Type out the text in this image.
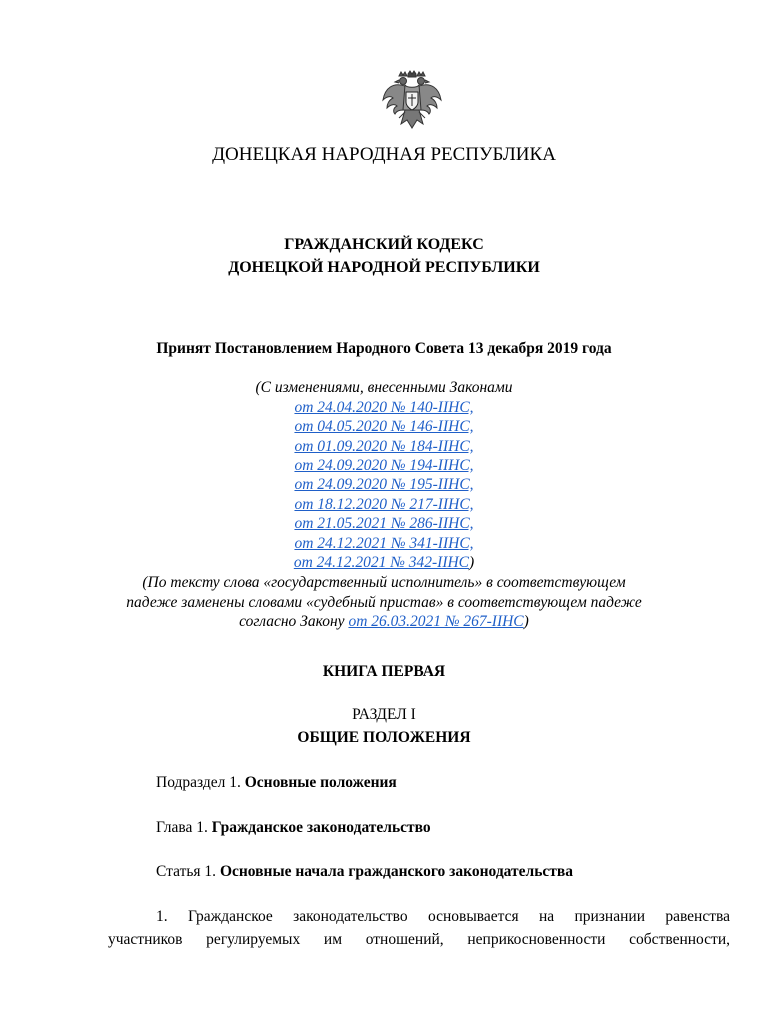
ДОНЕЦКАЯ НАРОДНАЯ РЕСПУБЛИКА
ГРАЖДАНСКИЙ КОДЕКС
ДОНЕЦКОЙ НАРОДНОЙ РЕСПУБЛИКИ
Принят Постановлением Народного Совета 13 декабря 2019 года
(С изменениями, внесенными Законами
от 24.04.2020 № 140-IIНС,
от 04.05.2020 № 146-IIНС,
от 01.09.2020 № 184-IIНС,
от 24.09.2020 № 194-IIНС,
от 24.09.2020 № 195-IIНС,
от 18.12.2020 № 217-IIНС,
от 21.05.2021 № 286-IIНС,
от 24.12.2021 № 341-IIНС,
от 24.12.2021 № 342-IIНС)
(По тексту слова «государственный исполнитель» в соответствующем
падеже заменены словами «судебный пристав» в соответствующем падеже
согласно Закону от 26.03.2021 № 267-IIНС)
КНИГА ПЕРВАЯ
РАЗДЕЛ I
ОБЩИЕ ПОЛОЖЕНИЯ
Подраздел 1. Основные положения
Глава 1. Гражданское законодательство
Статья 1. Основные начала гражданского законодательства
1. Гражданское законодательство основывается на признании равенства
участников регулируемых им отношений, неприкосновенности собственности,
